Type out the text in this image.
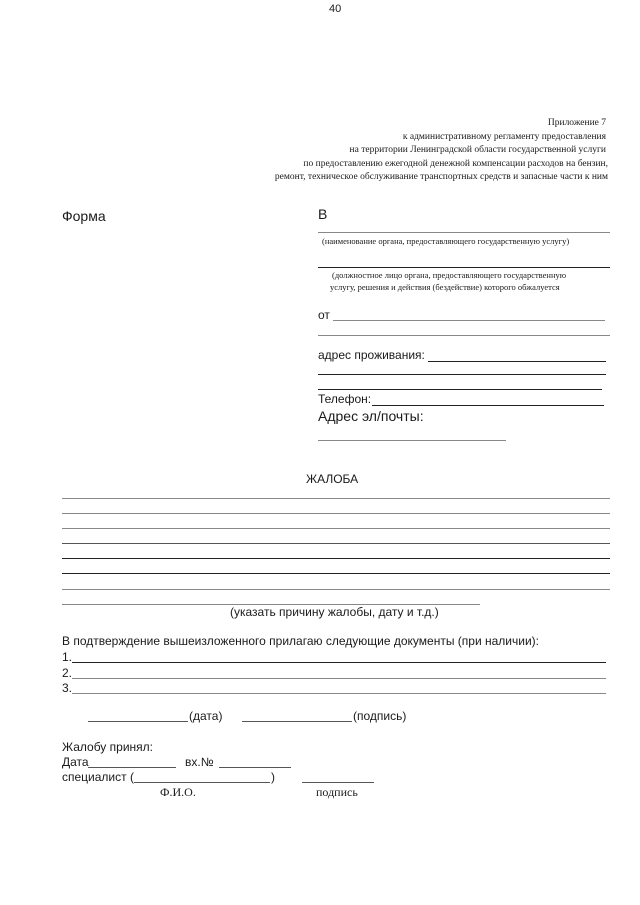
40
Приложение 7
к административному регламенту предоставления
на территории Ленинградской области государственной услуги
по предоставлению ежегодной денежной компенсации расходов на бензин,
ремонт, техническое обслуживание транспортных средств и запасные части к ним
Форма	В
(наименование органа, предоставляющего государственную услугу)
(должностное лицо органа, предоставляющего государственную
услугу, решения и действия (бездействие) которого обжалуется
от
адрес проживания:
Телефон:
Адрес эл/почты:
ЖАЛОБА
(указать причину жалобы, дату и т.д.)
В подтверждение вышеизложенного прилагаю следующие документы (при наличии):
1.
2.
3.
(дата)	(подпись)
Жалобу принял:
Дата	вх.№
специалист (	)
Ф.И.О.	подпись
